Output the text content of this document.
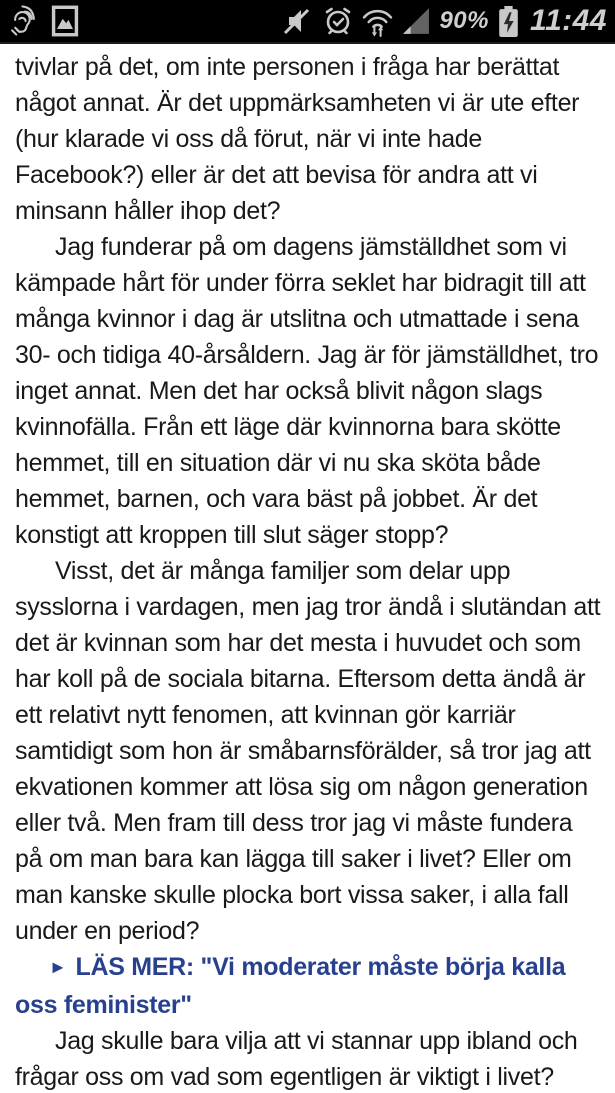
90% 11:44

tvivlar på det, om inte personen i fråga har berättat något annat. Är det uppmärksamheten vi är ute efter (hur klarade vi oss då förut, när vi inte hade Facebook?) eller är det att bevisa för andra att vi minsann håller ihop det?

Jag funderar på om dagens jämställdhet som vi kämpade hårt för under förra seklet har bidragit till att många kvinnor i dag är utslitna och utmattade i sena 30- och tidiga 40-årsåldern. Jag är för jämställdhet, tro inget annat. Men det har också blivit någon slags kvinnofälla. Från ett läge där kvinnorna bara skötte hemmet, till en situation där vi nu ska sköta både hemmet, barnen, och vara bäst på jobbet. Är det konstigt att kroppen till slut säger stopp?

Visst, det är många familjer som delar upp sysslorna i vardagen, men jag tror ändå i slutändan att det är kvinnan som har det mesta i huvudet och som har koll på de sociala bitarna. Eftersom detta ändå är ett relativt nytt fenomen, att kvinnan gör karriär samtidigt som hon är småbarnsförälder, så tror jag att ekvationen kommer att lösa sig om någon generation eller två. Men fram till dess tror jag vi måste fundera på om man bara kan lägga till saker i livet? Eller om man kanske skulle plocka bort vissa saker, i alla fall under en period?

► LÄS MER: "Vi moderater måste börja kalla oss feminister"

Jag skulle bara vilja att vi stannar upp ibland och frågar oss om vad som egentligen är viktigt i livet?
